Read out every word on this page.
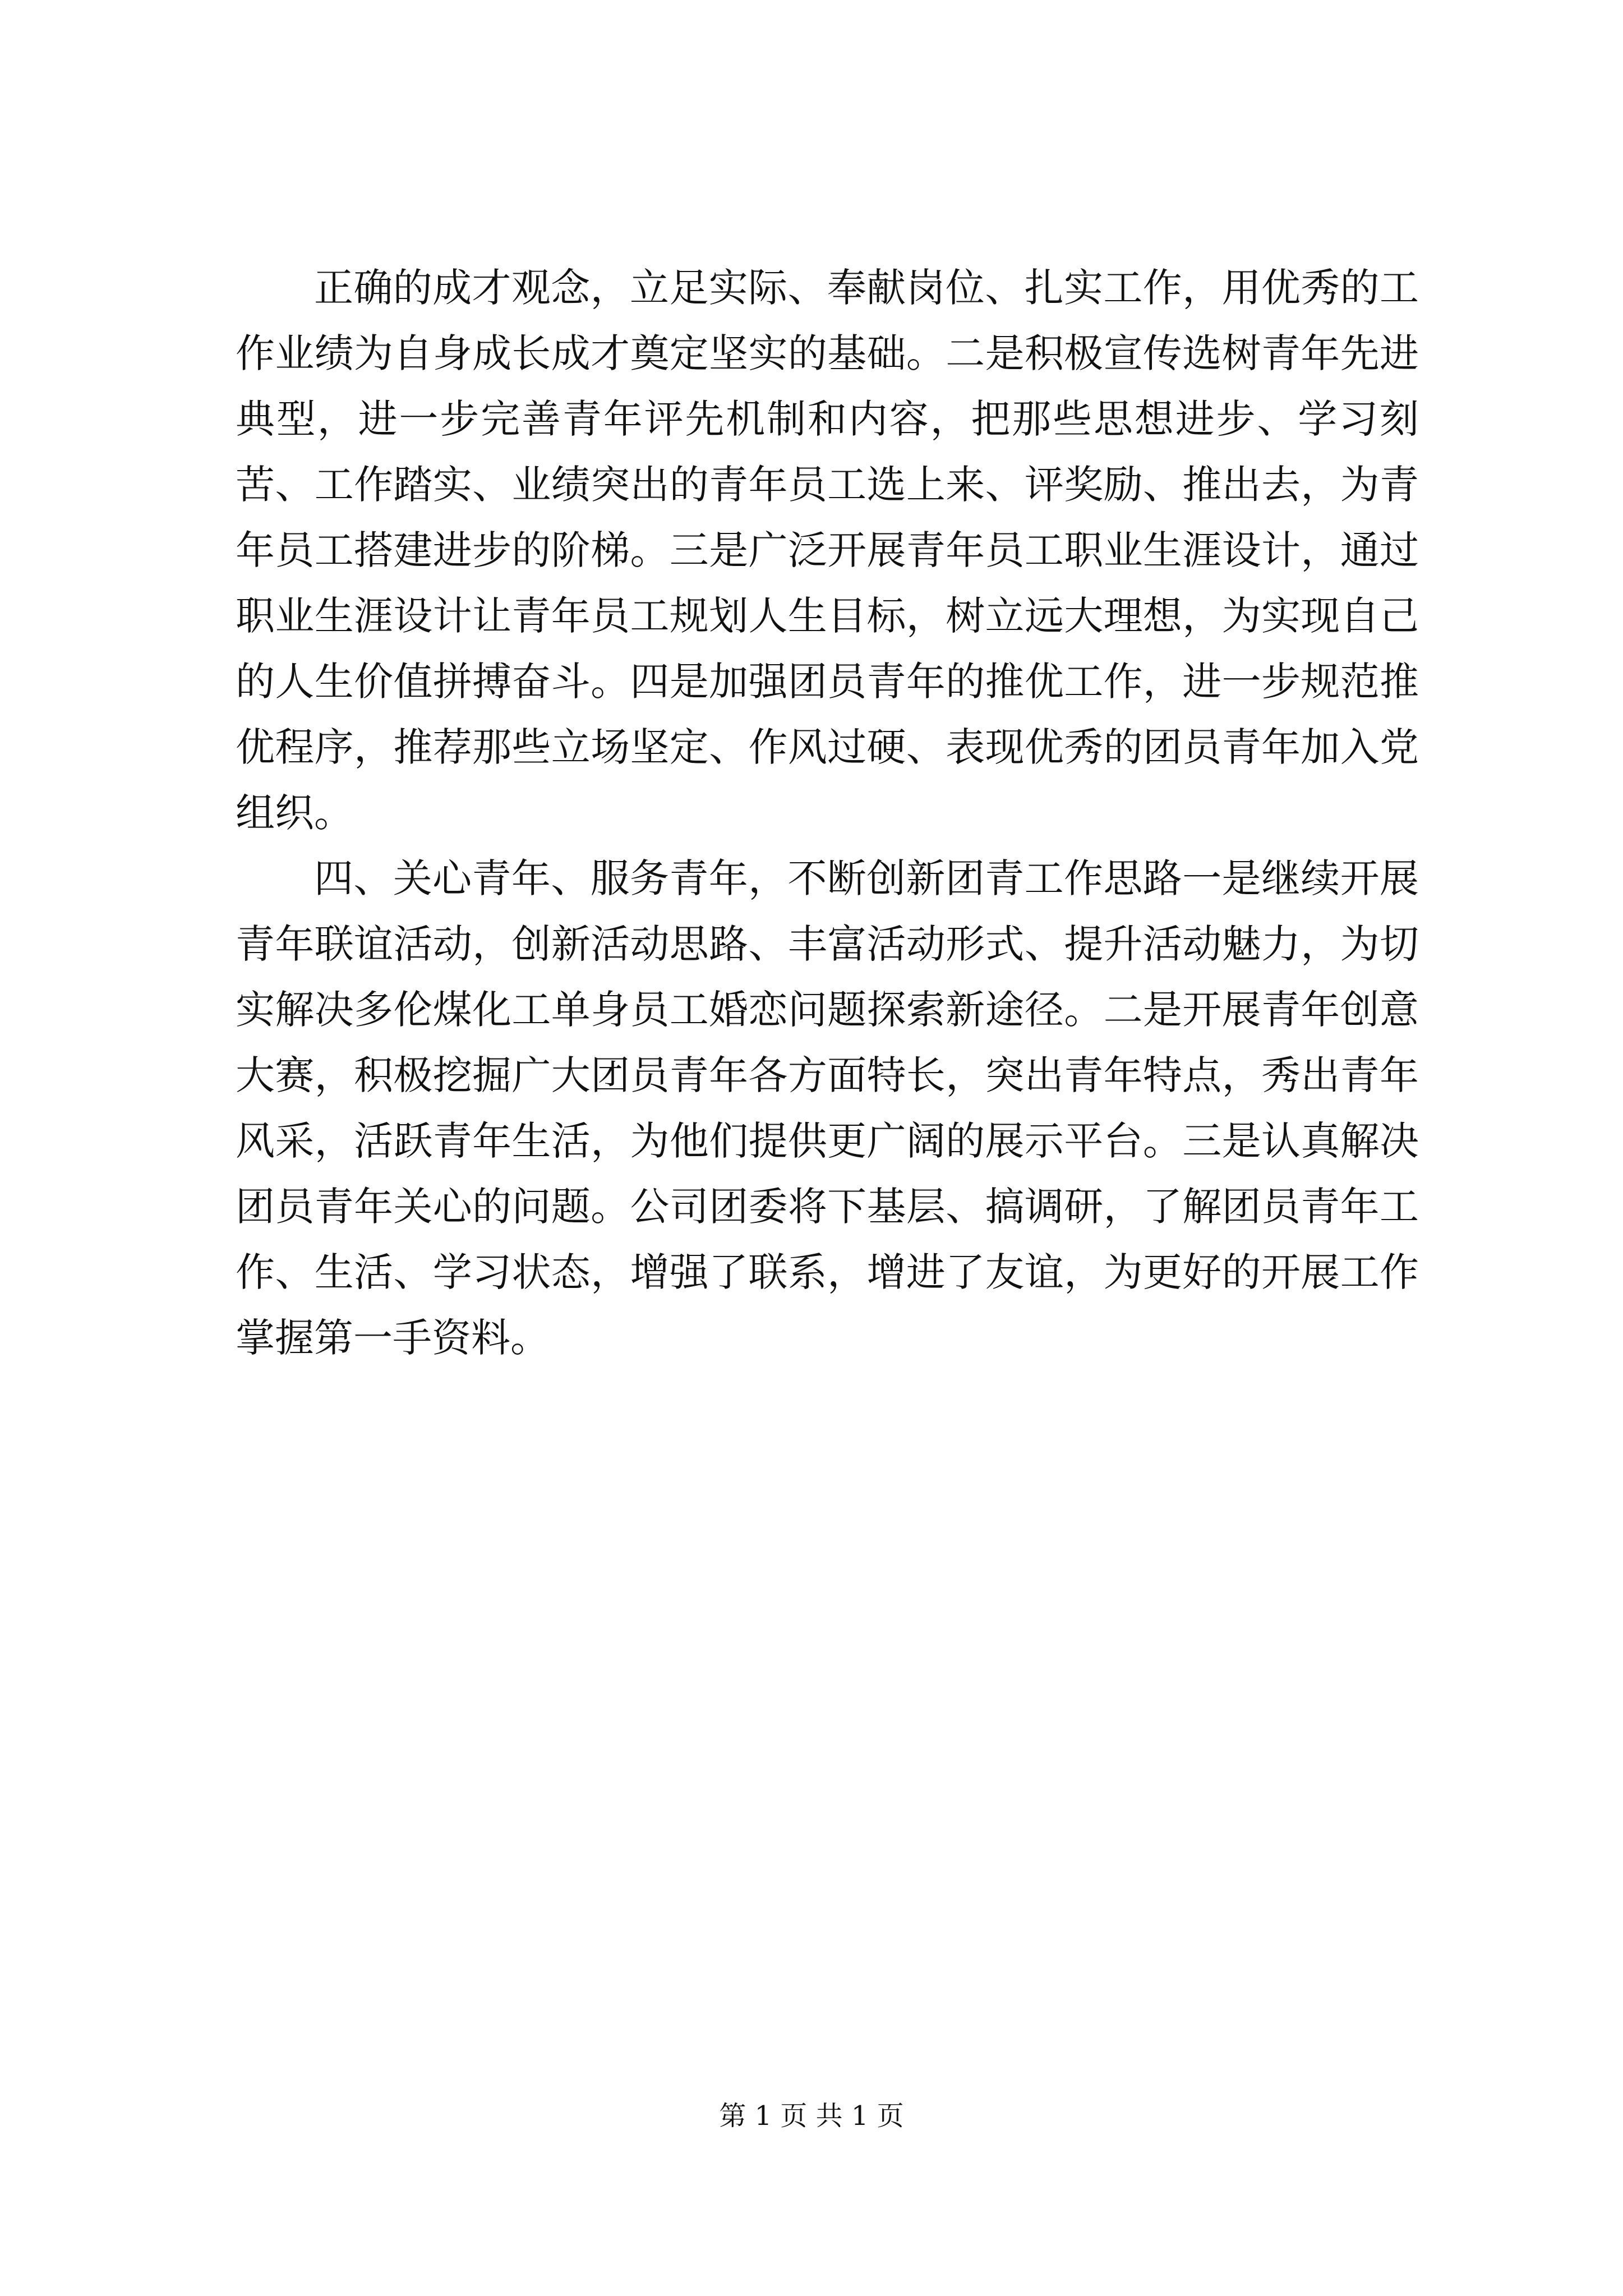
正确的成才观念，立足实际、奉献岗位、扎实工作，用优秀的工作业绩为自身成长成才奠定坚实的基础。二是积极宣传选树青年先进典型，进一步完善青年评先机制和内容，把那些思想进步、学习刻苦、工作踏实、业绩突出的青年员工选上来、评奖励、推出去，为青年员工搭建进步的阶梯。三是广泛开展青年员工职业生涯设计，通过职业生涯设计让青年员工规划人生目标，树立远大理想，为实现自己的人生价值拼搏奋斗。四是加强团员青年的推优工作，进一步规范推优程序，推荐那些立场坚定、作风过硬、表现优秀的团员青年加入党组织。

四、关心青年、服务青年，不断创新团青工作思路一是继续开展青年联谊活动，创新活动思路、丰富活动形式、提升活动魅力，为切实解决多伦煤化工单身员工婚恋问题探索新途径。二是开展青年创意大赛，积极挖掘广大团员青年各方面特长，突出青年特点，秀出青年风采，活跃青年生活，为他们提供更广阔的展示平台。三是认真解决团员青年关心的问题。公司团委将下基层、搞调研，了解团员青年工作、生活、学习状态，增强了联系，增进了友谊，为更好的开展工作掌握第一手资料。

第 1 页 共 1 页
